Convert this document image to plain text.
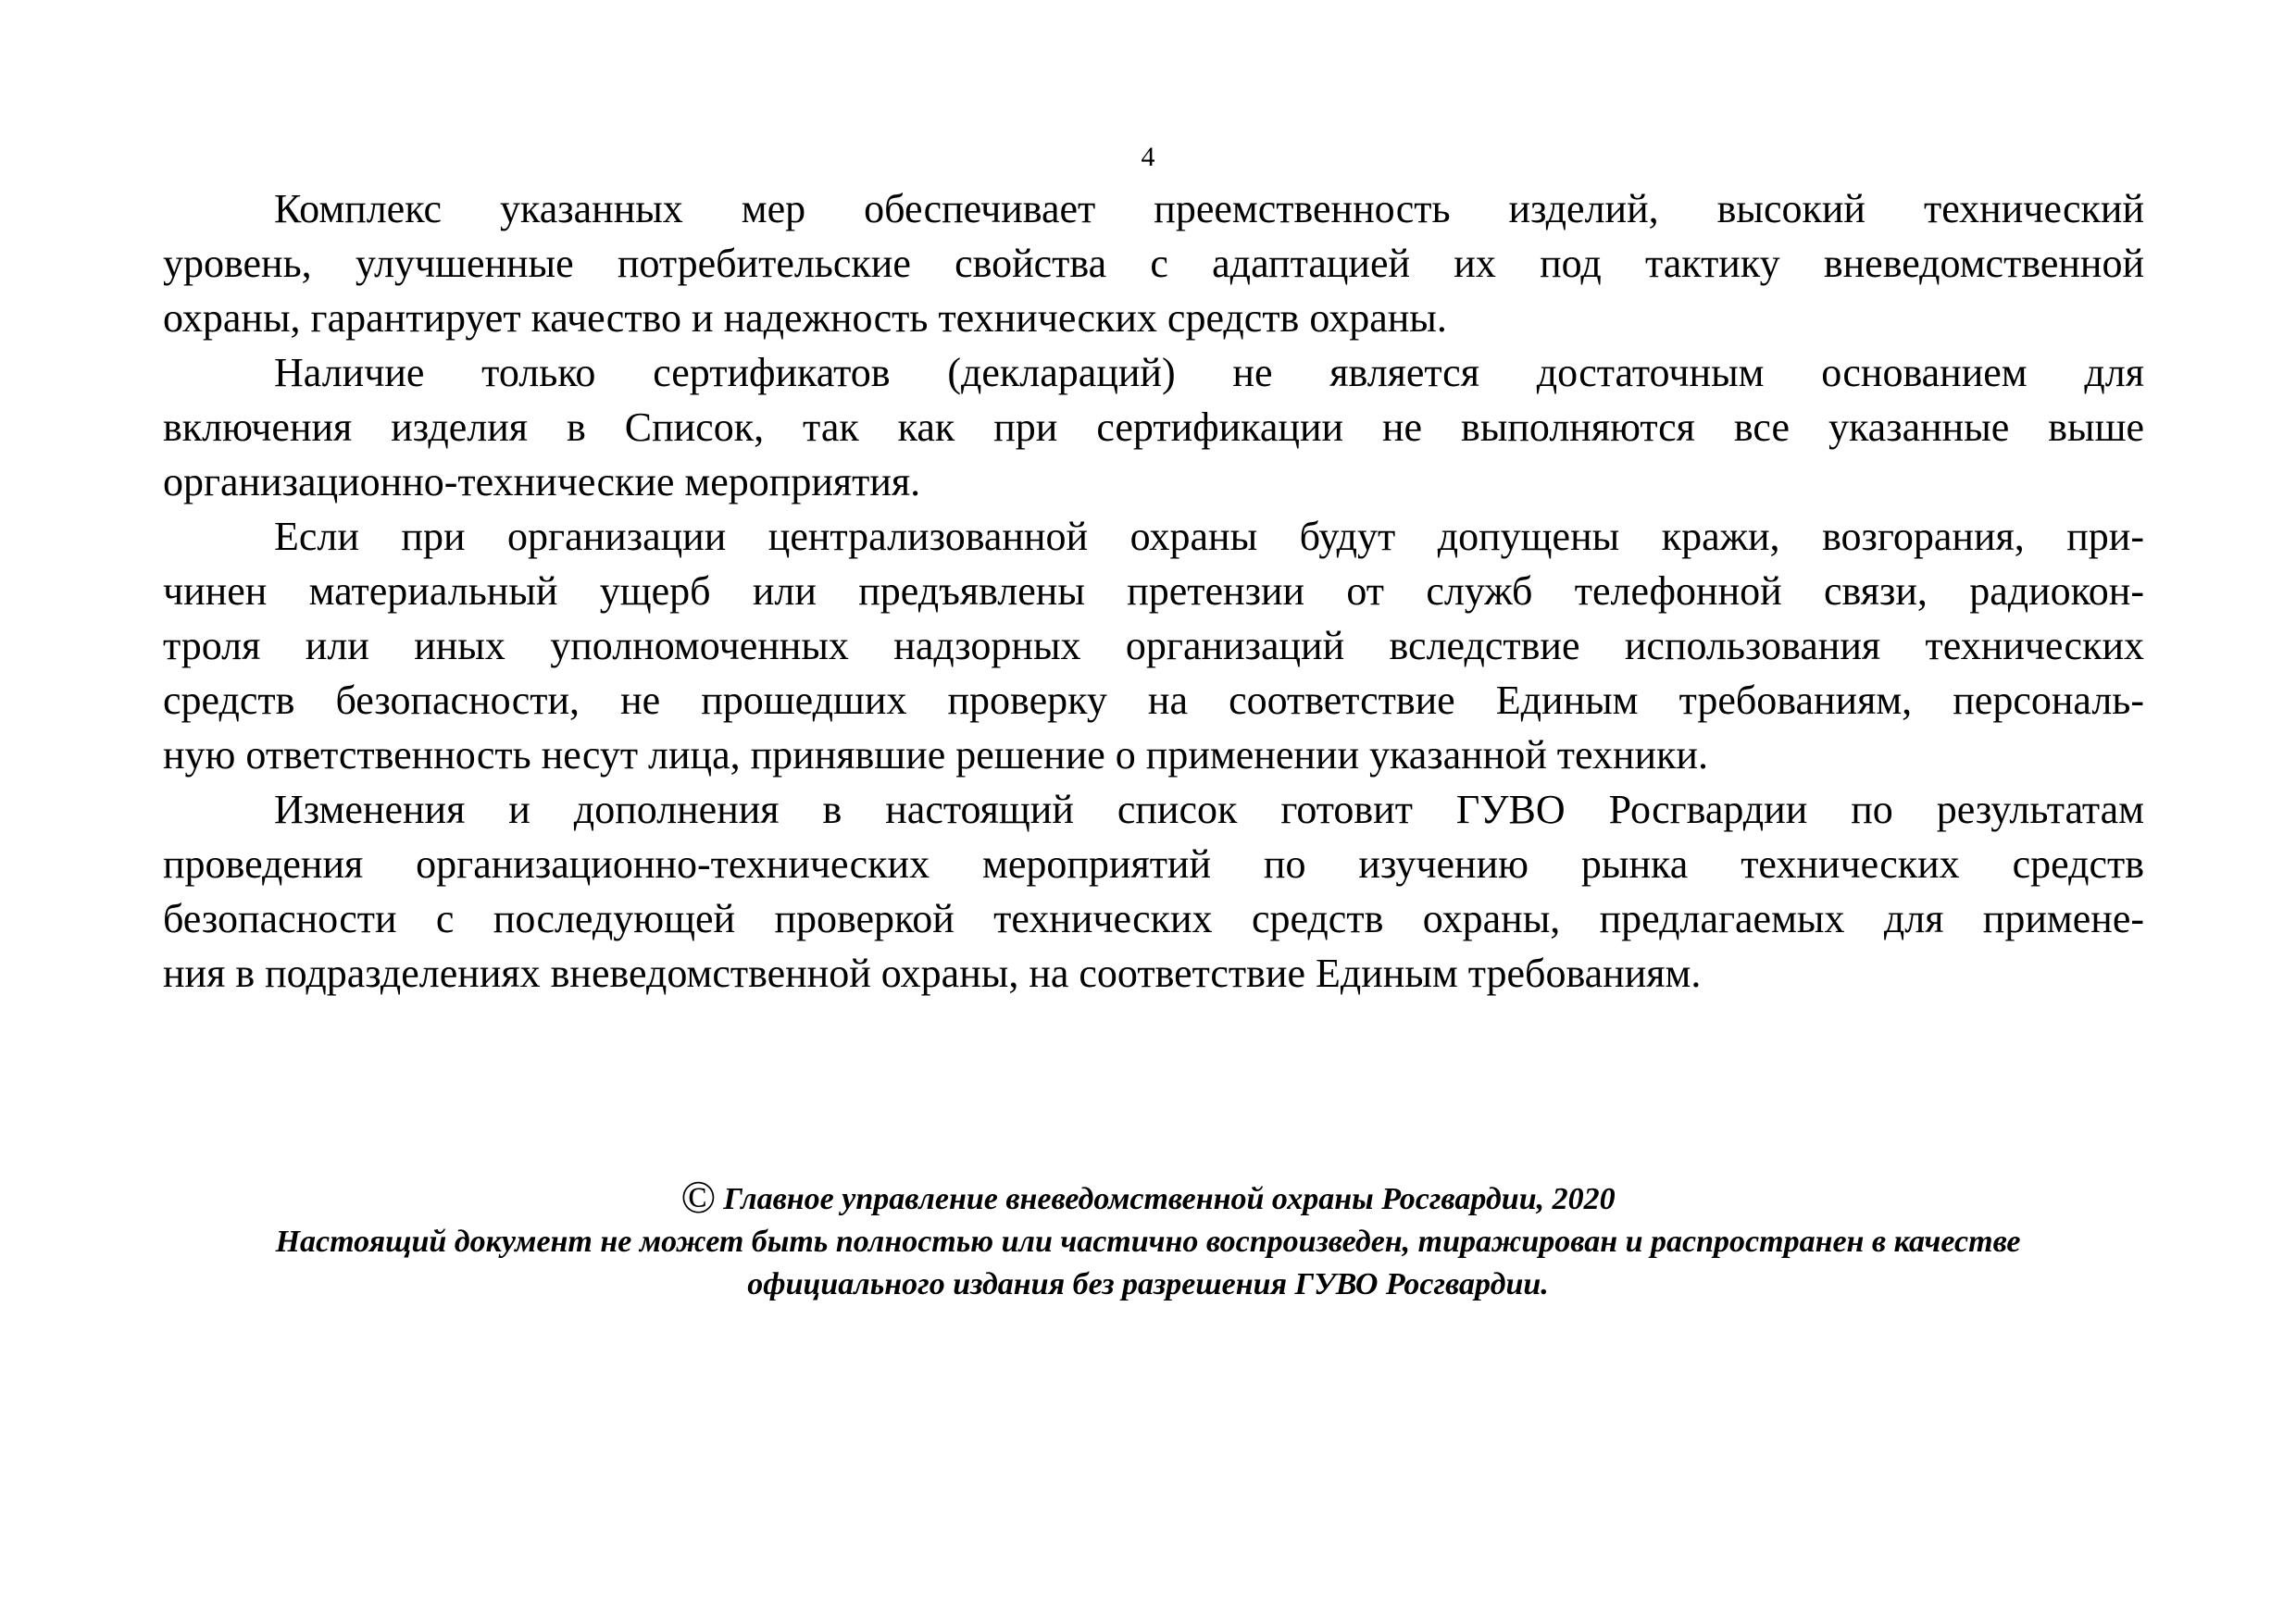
4
Комплекс указанных мер обеспечивает преемственность изделий, высокий технический
уровень, улучшенные потребительские свойства с адаптацией их под тактику вневедомственной
охраны, гарантирует качество и надежность технических средств охраны.
Наличие только сертификатов (деклараций) не является достаточным основанием для
включения изделия в Список, так как при сертификации не выполняются все указанные выше
организационно-технические мероприятия.
Если при организации централизованной охраны будут допущены кражи, возгорания, при-
чинен материальный ущерб или предъявлены претензии от служб телефонной связи, радиокон-
троля или иных уполномоченных надзорных организаций вследствие использования технических
средств безопасности, не прошедших проверку на соответствие Единым требованиям, персональ-
ную ответственность несут лица, принявшие решение о применении указанной техники.
Изменения и дополнения в настоящий список готовит ГУВО Росгвардии по результатам
проведения организационно-технических мероприятий по изучению рынка технических средств
безопасности с последующей проверкой технических средств охраны, предлагаемых для примене-
ния в подразделениях вневедомственной охраны, на соответствие Единым требованиям.
© Главное управление вневедомственной охраны Росгвардии, 2020
Настоящий документ не может быть полностью или частично воспроизведен, тиражирован и распространен в качестве
официального издания без разрешения ГУВО Росгвардии.
